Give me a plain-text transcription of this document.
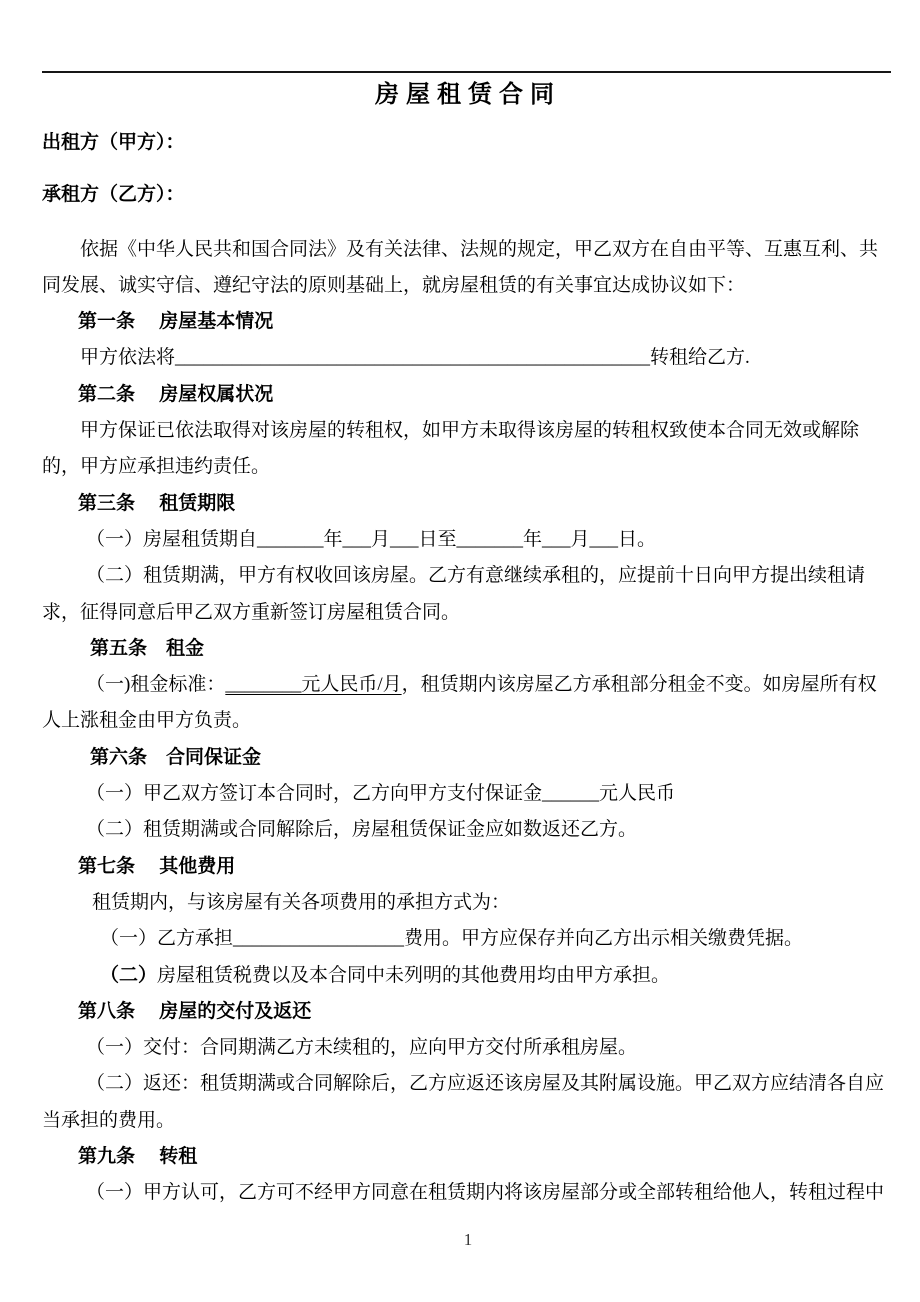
房屋租赁合同

出租方（甲方）：

承租方（乙方）：

依据《中华人民共和国合同法》及有关法律、法规的规定，甲乙双方在自由平等、互惠互利、共同发展、诚实守信、遵纪守法的原则基础上，就房屋租赁的有关事宜达成协议如下：

第一条　 房屋基本情况

甲方依法将__________________________________________________转租给乙方.

第二条　 房屋权属状况

甲方保证已依法取得对该房屋的转租权，如甲方未取得该房屋的转租权致使本合同无效或解除的，甲方应承担违约责任。

第三条　 租赁期限

（一）房屋租赁期自_______年___月___日至_______年___月___日。

（二）租赁期满，甲方有权收回该房屋。乙方有意继续承租的，应提前十日向甲方提出续租请求，征得同意后甲乙双方重新签订房屋租赁合同。

第五条　租金

（一)租金标准：________元人民币/月，租赁期内该房屋乙方承租部分租金不变。如房屋所有权人上涨租金由甲方负责。

第六条　合同保证金

（一）甲乙双方签订本合同时，乙方向甲方支付保证金______元人民币

（二）租赁期满或合同解除后，房屋租赁保证金应如数返还乙方。

第七条　 其他费用

租赁期内，与该房屋有关各项费用的承担方式为：

（一）乙方承担__________________费用。甲方应保存并向乙方出示相关缴费凭据。

（二）房屋租赁税费以及本合同中未列明的其他费用均由甲方承担。

第八条　 房屋的交付及返还

（一）交付：合同期满乙方未续租的，应向甲方交付所承租房屋。

（二）返还：租赁期满或合同解除后，乙方应返还该房屋及其附属设施。甲乙双方应结清各自应当承担的费用。

第九条　 转租

（一）甲方认可，乙方可不经甲方同意在租赁期内将该房屋部分或全部转租给他人，转租过程中

1
